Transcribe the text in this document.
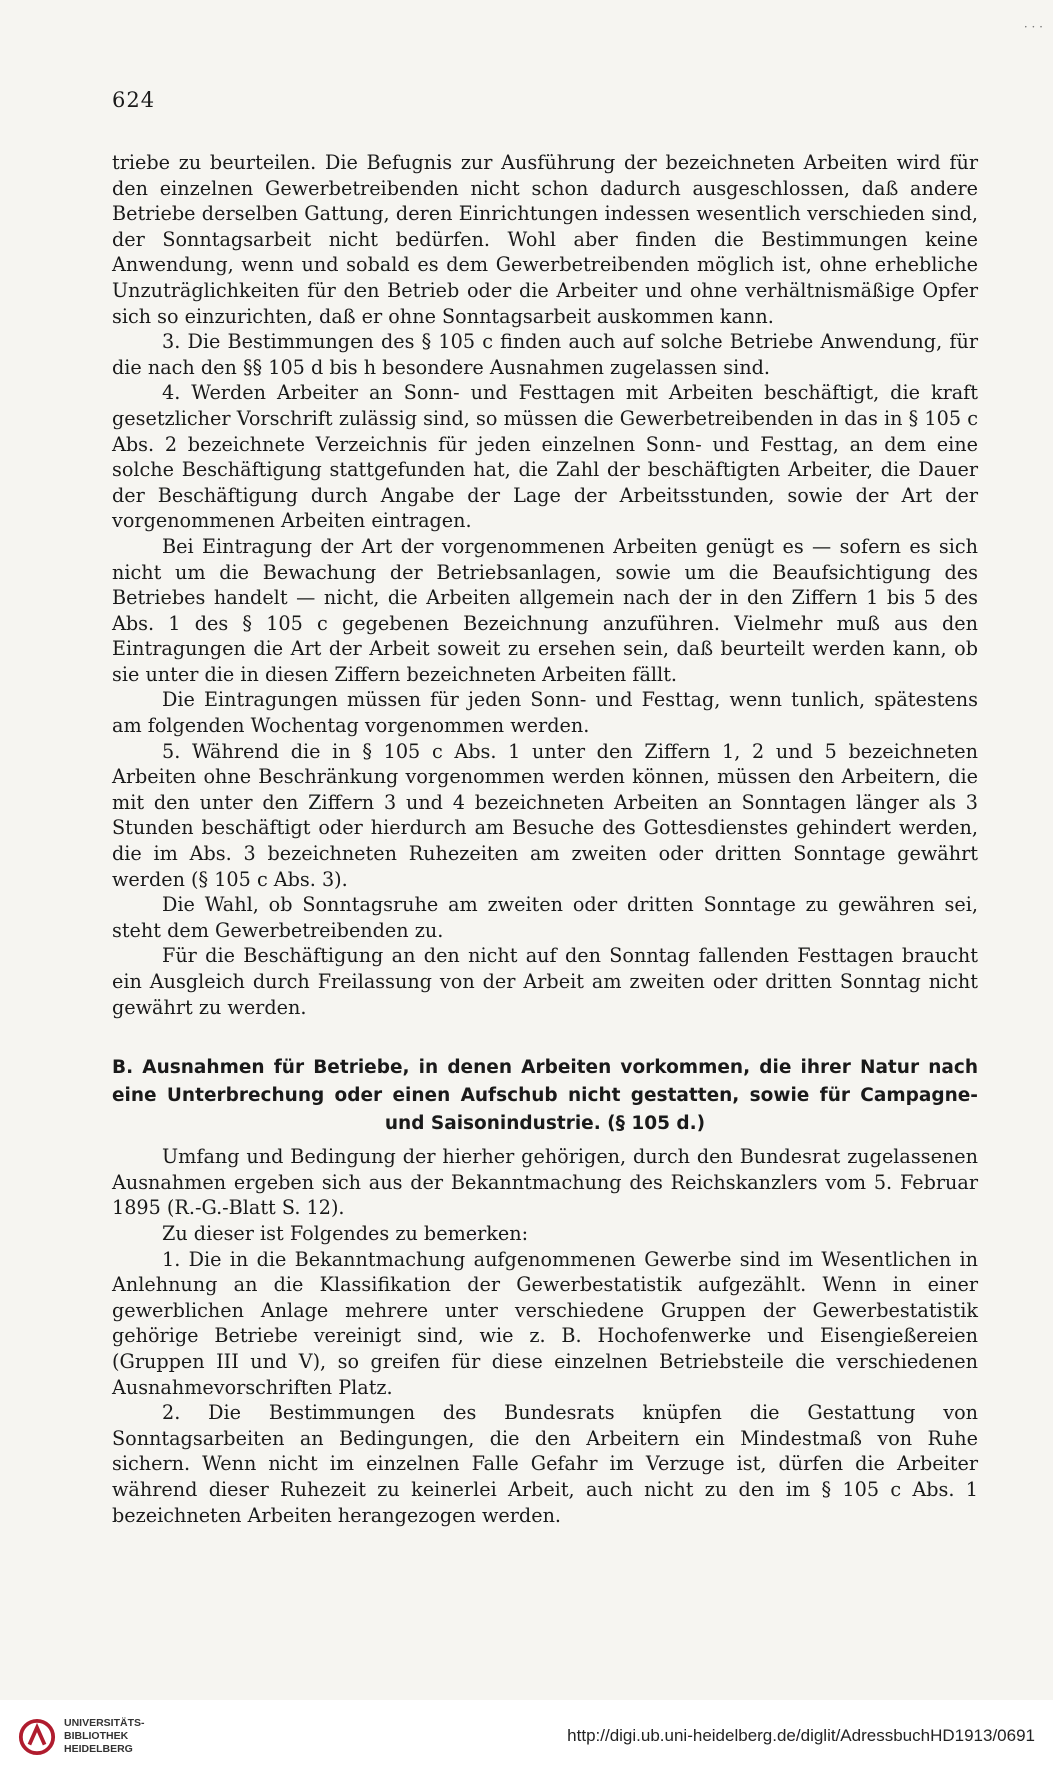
· · ·
624

triebe zu beurteilen. Die Befugnis zur Ausführung der bezeichneten Arbeiten wird für den einzelnen Gewerbetreibenden nicht schon dadurch ausgeschlossen, daß andere Betriebe derselben Gattung, deren Einrichtungen indessen wesentlich verschieden sind, der Sonntagsarbeit nicht bedürfen. Wohl aber finden die Bestimmungen keine Anwendung, wenn und sobald es dem Gewerbetreibenden möglich ist, ohne erhebliche Unzuträglichkeiten für den Betrieb oder die Arbeiter und ohne verhältnismäßige Opfer sich so einzurichten, daß er ohne Sonntagsarbeit auskommen kann.

3. Die Bestimmungen des § 105 c finden auch auf solche Betriebe Anwendung, für die nach den §§ 105 d bis h besondere Ausnahmen zugelassen sind.

4. Werden Arbeiter an Sonn- und Festtagen mit Arbeiten beschäftigt, die kraft gesetzlicher Vorschrift zulässig sind, so müssen die Gewerbetreibenden in das in § 105 c Abs. 2 bezeichnete Verzeichnis für jeden einzelnen Sonn- und Festtag, an dem eine solche Beschäftigung stattgefunden hat, die Zahl der beschäftigten Arbeiter, die Dauer der Beschäftigung durch Angabe der Lage der Arbeitsstunden, sowie der Art der vorgenommenen Arbeiten eintragen.

Bei Eintragung der Art der vorgenommenen Arbeiten genügt es — sofern es sich nicht um die Bewachung der Betriebsanlagen, sowie um die Beaufsichtigung des Betriebes handelt — nicht, die Arbeiten allgemein nach der in den Ziffern 1 bis 5 des Abs. 1 des § 105 c gegebenen Bezeichnung anzuführen. Vielmehr muß aus den Eintragungen die Art der Arbeit soweit zu ersehen sein, daß beurteilt werden kann, ob sie unter die in diesen Ziffern bezeichneten Arbeiten fällt.

Die Eintragungen müssen für jeden Sonn- und Festtag, wenn tunlich, spätestens am folgenden Wochentag vorgenommen werden.

5. Während die in § 105 c Abs. 1 unter den Ziffern 1, 2 und 5 bezeichneten Arbeiten ohne Beschränkung vorgenommen werden können, müssen den Arbeitern, die mit den unter den Ziffern 3 und 4 bezeichneten Arbeiten an Sonntagen länger als 3 Stunden beschäftigt oder hierdurch am Besuche des Gottesdienstes gehindert werden, die im Abs. 3 bezeichneten Ruhezeiten am zweiten oder dritten Sonntage gewährt werden (§ 105 c Abs. 3).

Die Wahl, ob Sonntagsruhe am zweiten oder dritten Sonntage zu gewähren sei, steht dem Gewerbetreibenden zu.

Für die Beschäftigung an den nicht auf den Sonntag fallenden Festtagen braucht ein Ausgleich durch Freilassung von der Arbeit am zweiten oder dritten Sonntag nicht gewährt zu werden.

B. Ausnahmen für Betriebe, in denen Arbeiten vorkommen, die ihrer Natur nach eine Unterbrechung oder einen Aufschub nicht gestatten, sowie für Campagne- und Saisonindustrie. (§ 105 d.)

Umfang und Bedingung der hierher gehörigen, durch den Bundesrat zugelassenen Ausnahmen ergeben sich aus der Bekanntmachung des Reichskanzlers vom 5. Februar 1895 (R.-G.-Blatt S. 12).

Zu dieser ist Folgendes zu bemerken:

1. Die in die Bekanntmachung aufgenommenen Gewerbe sind im Wesentlichen in Anlehnung an die Klassifikation der Gewerbestatistik aufgezählt. Wenn in einer gewerblichen Anlage mehrere unter verschiedene Gruppen der Gewerbestatistik gehörige Betriebe vereinigt sind, wie z. B. Hochofenwerke und Eisengießereien (Gruppen III und V), so greifen für diese einzelnen Betriebsteile die verschiedenen Ausnahmevorschriften Platz.

2. Die Bestimmungen des Bundesrats knüpfen die Gestattung von Sonntagsarbeiten an Bedingungen, die den Arbeitern ein Mindestmaß von Ruhe sichern. Wenn nicht im einzelnen Falle Gefahr im Verzuge ist, dürfen die Arbeiter während dieser Ruhezeit zu keinerlei Arbeit, auch nicht zu den im § 105 c Abs. 1 bezeichneten Arbeiten herangezogen werden.

UNIVERSITÄTS-
BIBLIOTHEK
HEIDELBERG
http://digi.ub.uni-heidelberg.de/diglit/AdressbuchHD1913/0691
